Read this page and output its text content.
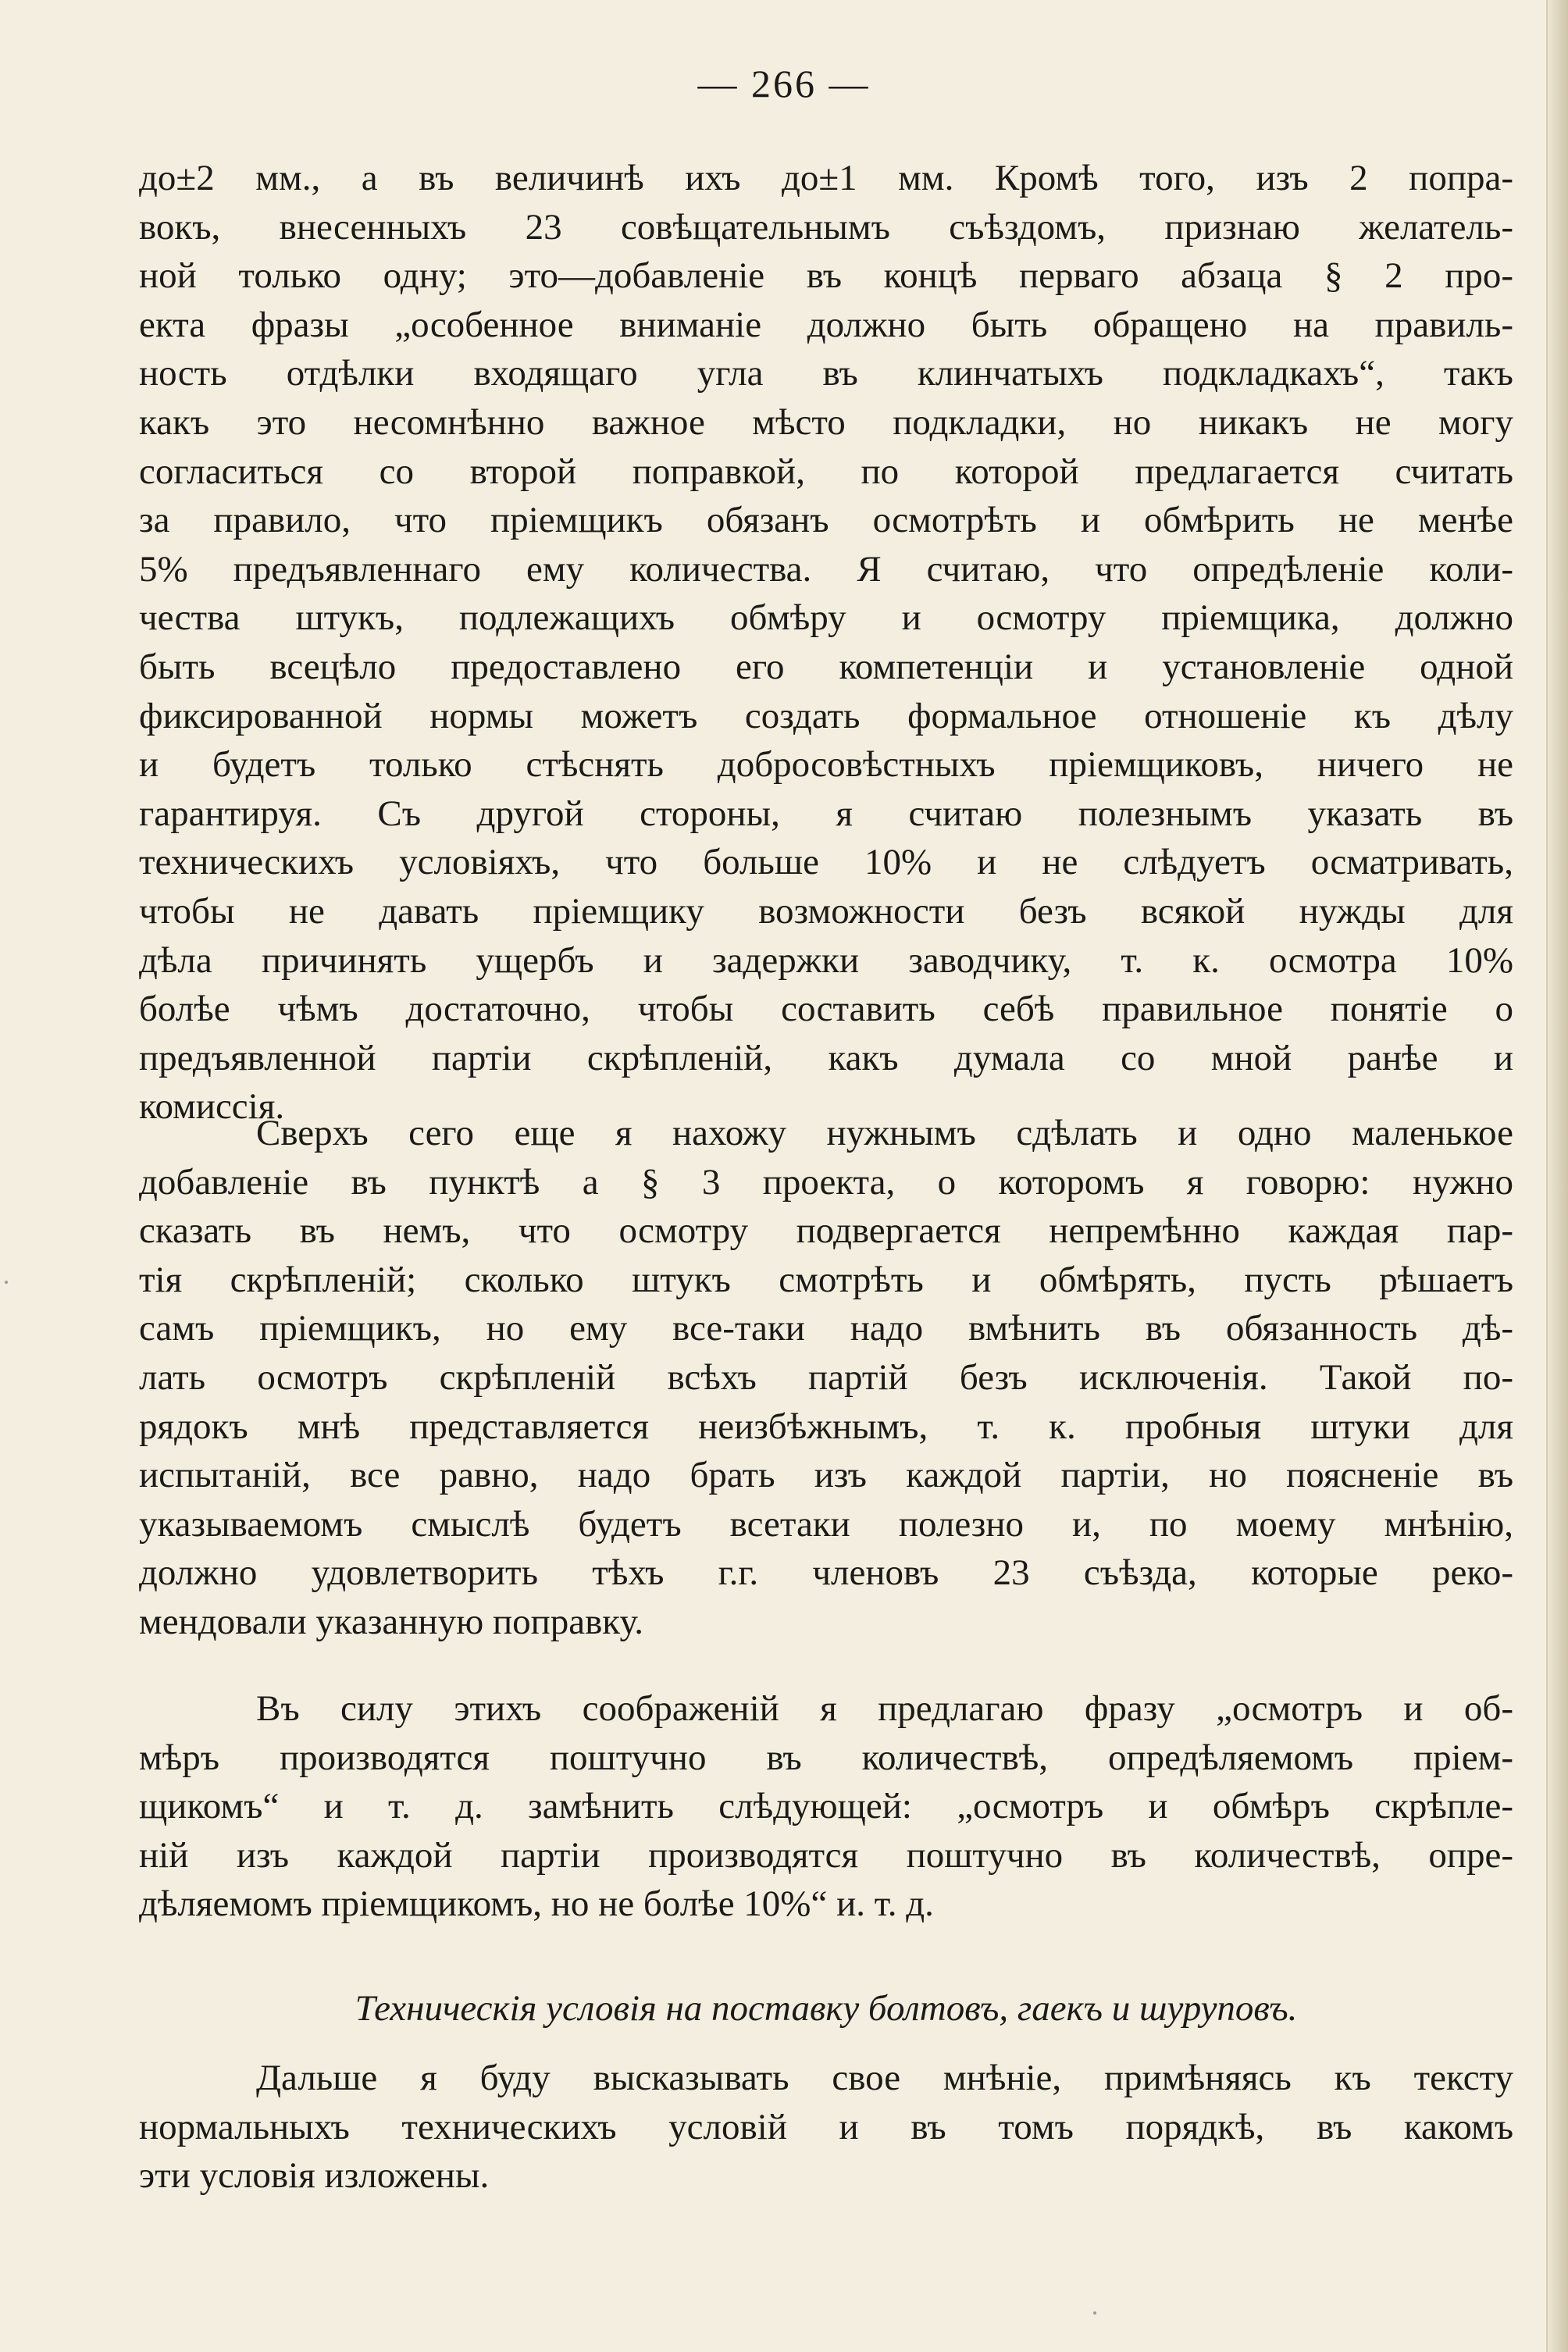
— 266 —
до±2 мм., а въ величинѣ ихъ до±1 мм. Кромѣ того, изъ 2 попра-
вокъ, внесенныхъ 23 совѣщательнымъ съѣздомъ, признаю желатель-
ной только одну; это—добавленіе въ концѣ перваго абзаца § 2 про-
екта фразы „особенное вниманіе должно быть обращено на правиль-
ность отдѣлки входящаго угла въ клинчатыхъ подкладкахъ“, такъ
какъ это несомнѣнно важное мѣсто подкладки, но никакъ не могу
согласиться со второй поправкой, по которой предлагается считать
за правило, что пріемщикъ обязанъ осмотрѣть и обмѣрить не менѣе
5% предъявленнаго ему количества. Я считаю, что опредѣленіе коли-
чества штукъ, подлежащихъ обмѣру и осмотру пріемщика, должно
быть всецѣло предоставлено его компетенціи и установленіе одной
фиксированной нормы можетъ создать формальное отношеніе къ дѣлу
и будетъ только стѣснять добросовѣстныхъ пріемщиковъ, ничего не
гарантируя. Съ другой стороны, я считаю полезнымъ указать въ
техническихъ условіяхъ, что больше 10% и не слѣдуетъ осматривать,
чтобы не давать пріемщику возможности безъ всякой нужды для
дѣла причинять ущербъ и задержки заводчику, т. к. осмотра 10%
болѣе чѣмъ достаточно, чтобы составить себѣ правильное понятіе о
предъявленной партіи скрѣпленій, какъ думала со мной ранѣе и
комиссія.
Сверхъ сего еще я нахожу нужнымъ сдѣлать и одно маленькое
добавленіе въ пунктѣ а § 3 проекта, о которомъ я говорю: нужно
сказать въ немъ, что осмотру подвергается непремѣнно каждая пар-
тія скрѣпленій; сколько штукъ смотрѣть и обмѣрять, пусть рѣшаетъ
самъ пріемщикъ, но ему все-таки надо вмѣнить въ обязанность дѣ-
лать осмотръ скрѣпленій всѣхъ партій безъ исключенія. Такой по-
рядокъ мнѣ представляется неизбѣжнымъ, т. к. пробныя штуки для
испытаній, все равно, надо брать изъ каждой партіи, но поясненіе въ
указываемомъ смыслѣ будетъ всетаки полезно и, по моему мнѣнію,
должно удовлетворить тѣхъ г.г. членовъ 23 съѣзда, которые реко-
мендовали указанную поправку.
Въ силу этихъ соображеній я предлагаю фразу „осмотръ и об-
мѣръ производятся поштучно въ количествѣ, опредѣляемомъ пріем-
щикомъ“ и т. д. замѣнить слѣдующей: „осмотръ и обмѣръ скрѣпле-
ній изъ каждой партіи производятся поштучно въ количествѣ, опре-
дѣляемомъ пріемщикомъ, но не болѣе 10%“ и. т. д.
Техническія условія на поставку болтовъ, гаекъ и шуруповъ.
Дальше я буду высказывать свое мнѣніе, примѣняясь къ тексту
нормальныхъ техническихъ условій и въ томъ порядкѣ, въ какомъ
эти условія изложены.
